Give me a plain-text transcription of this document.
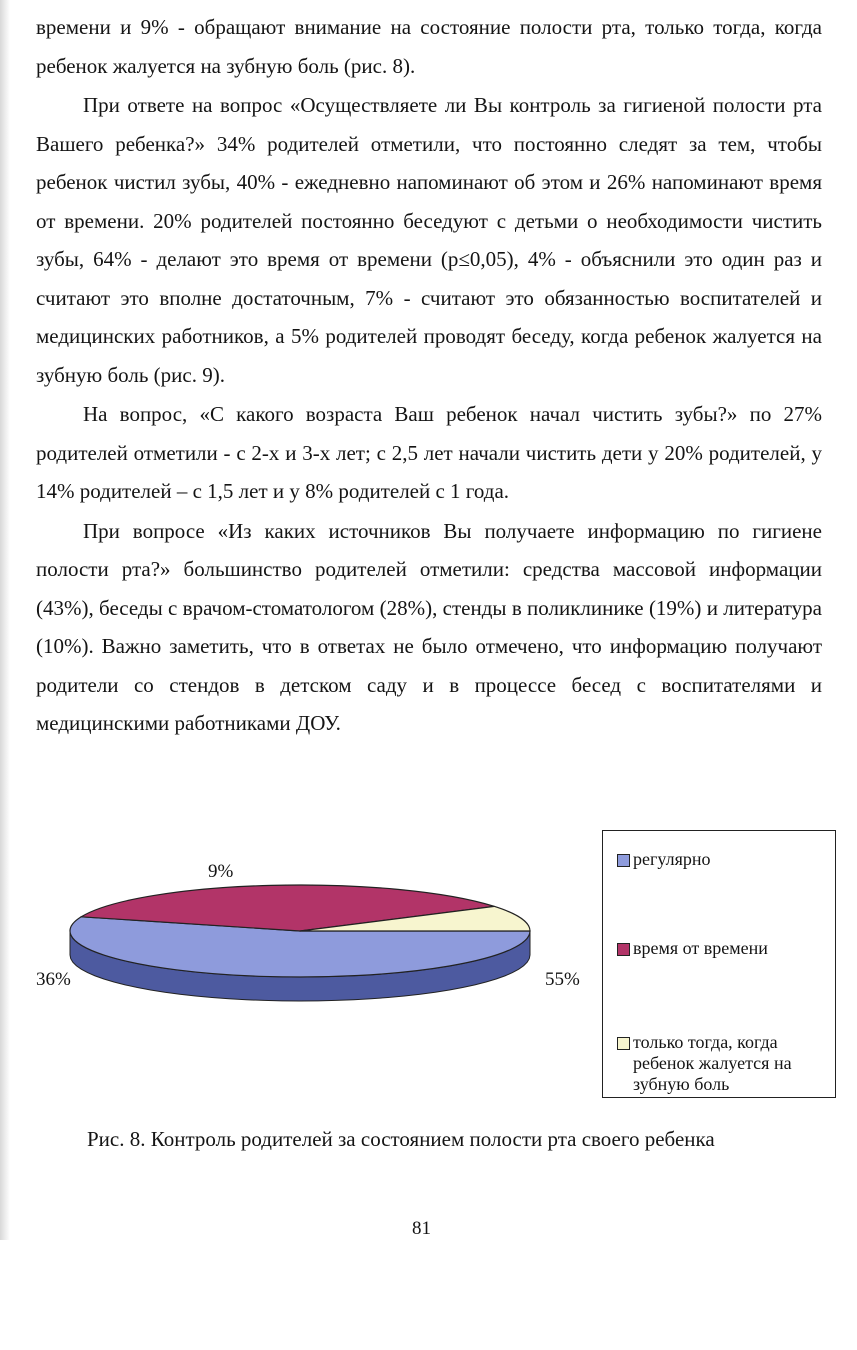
времени и 9% - обращают внимание на состояние полости рта, только тогда, когда ребенок жалуется на зубную боль (рис. 8).

При ответе на вопрос «Осуществляете ли Вы контроль за гигиеной полости рта Вашего ребенка?» 34% родителей отметили, что постоянно следят за тем, чтобы ребенок чистил зубы, 40% - ежедневно напоминают об этом и 26% напоминают время от времени. 20% родителей постоянно беседуют с детьми о необходимости чистить зубы, 64% - делают это время от времени (p≤0,05), 4% - объяснили это один раз и считают это вполне достаточным, 7% - считают это обязанностью воспитателей и медицинских работников, а 5% родителей проводят беседу, когда ребенок жалуется на зубную боль (рис. 9).

На вопрос, «С какого возраста Ваш ребенок начал чистить зубы?» по 27% родителей отметили - с 2-х и 3-х лет; с 2,5 лет начали чистить дети у 20% родителей, у 14% родителей – с 1,5 лет и у 8% родителей с 1 года.

При вопросе «Из каких источников Вы получаете информацию по гигиене полости рта?» большинство родителей отметили: средства массовой информации (43%), беседы с врачом-стоматологом (28%), стенды в поликлинике (19%) и литература (10%). Важно заметить, что в ответах не было отмечено, что информацию получают родители со стендов в детском саду и в процессе бесед с воспитателями и медицинскими работниками ДОУ.

55%
36%
9%
регулярно
время от времени
только тогда, когда ребенок жалуется на зубную боль
Рис. 8. Контроль родителей за состоянием полости рта своего ребенка
81
